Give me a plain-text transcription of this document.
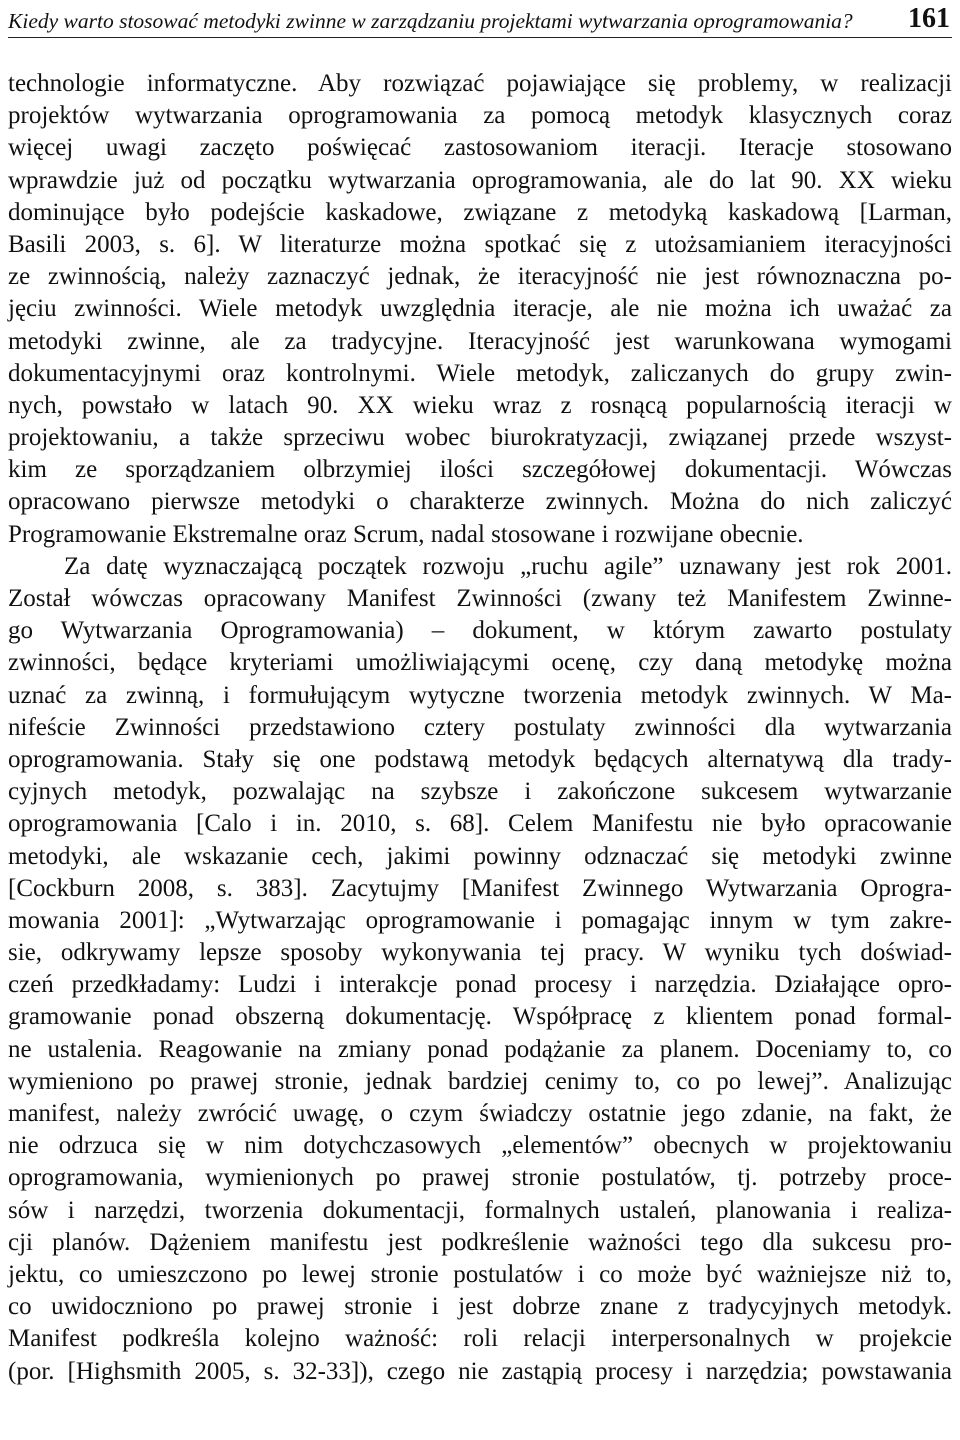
Kiedy warto stosować metodyki zwinne w zarządzaniu projektami wytwarzania oprogramowania? 161
technologie informatyczne. Aby rozwiązać pojawiające się problemy, w realizacji
projektów wytwarzania oprogramowania za pomocą metodyk klasycznych coraz
więcej uwagi zaczęto poświęcać zastosowaniom iteracji. Iteracje stosowano
wprawdzie już od początku wytwarzania oprogramowania, ale do lat 90. XX wieku
dominujące było podejście kaskadowe, związane z metodyką kaskadową [Larman,
Basili 2003, s. 6]. W literaturze można spotkać się z utożsamianiem iteracyjności
ze zwinnością, należy zaznaczyć jednak, że iteracyjność nie jest równoznaczna po-
jęciu zwinności. Wiele metodyk uwzględnia iteracje, ale nie można ich uważać za
metodyki zwinne, ale za tradycyjne. Iteracyjność jest warunkowana wymogami
dokumentacyjnymi oraz kontrolnymi. Wiele metodyk, zaliczanych do grupy zwin-
nych, powstało w latach 90. XX wieku wraz z rosnącą popularnością iteracji w
projektowaniu, a także sprzeciwu wobec biurokratyzacji, związanej przede wszyst-
kim ze sporządzaniem olbrzymiej ilości szczegółowej dokumentacji. Wówczas
opracowano pierwsze metodyki o charakterze zwinnych. Można do nich zaliczyć
Programowanie Ekstremalne oraz Scrum, nadal stosowane i rozwijane obecnie.
Za datę wyznaczającą początek rozwoju „ruchu agile” uznawany jest rok 2001.
Został wówczas opracowany Manifest Zwinności (zwany też Manifestem Zwinne-
go Wytwarzania Oprogramowania) – dokument, w którym zawarto postulaty
zwinności, będące kryteriami umożliwiającymi ocenę, czy daną metodykę można
uznać za zwinną, i formułującym wytyczne tworzenia metodyk zwinnych. W Ma-
nifeście Zwinności przedstawiono cztery postulaty zwinności dla wytwarzania
oprogramowania. Stały się one podstawą metodyk będących alternatywą dla trady-
cyjnych metodyk, pozwalając na szybsze i zakończone sukcesem wytwarzanie
oprogramowania [Calo i in. 2010, s. 68]. Celem Manifestu nie było opracowanie
metodyki, ale wskazanie cech, jakimi powinny odznaczać się metodyki zwinne
[Cockburn 2008, s. 383]. Zacytujmy [Manifest Zwinnego Wytwarzania Oprogra-
mowania 2001]: „Wytwarzając oprogramowanie i pomagając innym w tym zakre-
sie, odkrywamy lepsze sposoby wykonywania tej pracy. W wyniku tych doświad-
czeń przedkładamy: Ludzi i interakcje ponad procesy i narzędzia. Działające opro-
gramowanie ponad obszerną dokumentację. Współpracę z klientem ponad formal-
ne ustalenia. Reagowanie na zmiany ponad podążanie za planem. Doceniamy to, co
wymieniono po prawej stronie, jednak bardziej cenimy to, co po lewej”. Analizując
manifest, należy zwrócić uwagę, o czym świadczy ostatnie jego zdanie, na fakt, że
nie odrzuca się w nim dotychczasowych „elementów” obecnych w projektowaniu
oprogramowania, wymienionych po prawej stronie postulatów, tj. potrzeby proce-
sów i narzędzi, tworzenia dokumentacji, formalnych ustaleń, planowania i realiza-
cji planów. Dążeniem manifestu jest podkreślenie ważności tego dla sukcesu pro-
jektu, co umieszczono po lewej stronie postulatów i co może być ważniejsze niż to,
co uwidoczniono po prawej stronie i jest dobrze znane z tradycyjnych metodyk.
Manifest podkreśla kolejno ważność: roli relacji interpersonalnych w projekcie
(por. [Highsmith 2005, s. 32-33]), czego nie zastąpią procesy i narzędzia; powstawania
